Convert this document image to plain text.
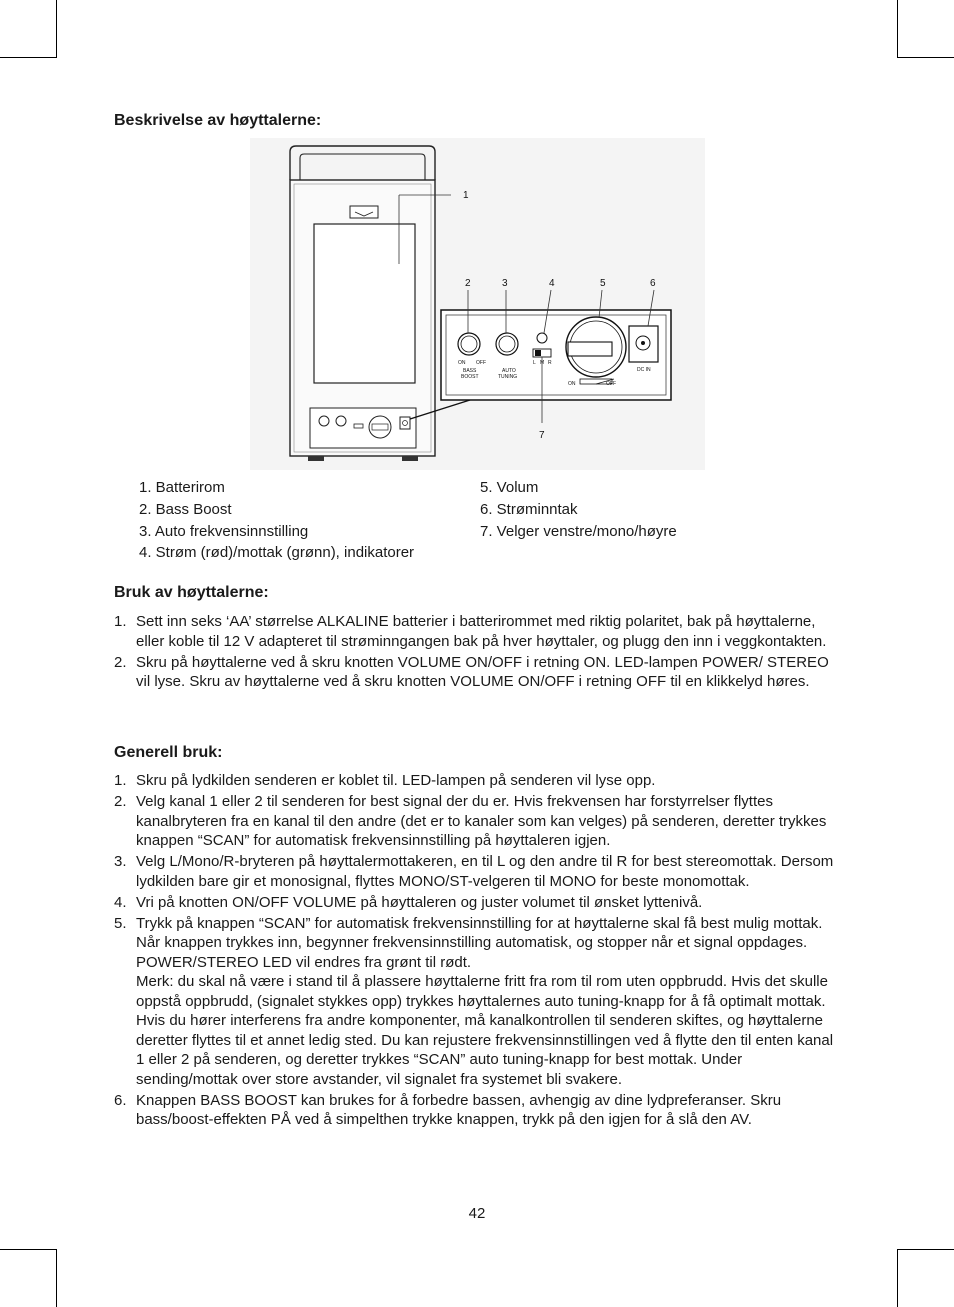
Beskrivelse av høyttalerne:
1
2	3	4	5	6
7
ON OFF
BASS
BOOST
AUTO
TUNING
L M R
DC IN
ON	OFF
1. Batterirom
2. Bass Boost
3. Auto frekvensinnstilling
4. Strøm (rød)/mottak (grønn), indikatorer
5. Volum
6. Strøminntak
7. Velger venstre/mono/høyre
Bruk av høyttalerne:
1. Sett inn seks ‘AA’ størrelse ALKALINE batterier i batterirommet med riktig polaritet, bak på høyttalerne, eller koble til 12 V adapteret til strøminngangen bak på hver høyttaler, og plugg den inn i veggkontakten.
2. Skru på høyttalerne ved å skru knotten VOLUME ON/OFF i retning ON. LED-lampen POWER/ STEREO vil lyse. Skru av høyttalerne ved å skru knotten VOLUME ON/OFF i retning OFF til en klikkelyd høres.
Generell bruk:
1. Skru på lydkilden senderen er koblet til. LED-lampen på senderen vil lyse opp.
2. Velg kanal 1 eller 2 til senderen for best signal der du er. Hvis frekvensen har forstyrrelser flyttes kanalbryteren fra en kanal til den andre (det er to kanaler som kan velges) på senderen, deretter trykkes knappen “SCAN” for automatisk frekvensinnstilling på høyttaleren igjen.
3. Velg L/Mono/R-bryteren på høyttalermottakeren, en til L og den andre til R for best stereomottak. Dersom lydkilden bare gir et monosignal, flyttes MONO/ST-velgeren til MONO for beste monomottak.
4. Vri på knotten ON/OFF VOLUME på høyttaleren og juster volumet til ønsket lyttenivå.
5. Trykk på knappen “SCAN” for automatisk frekvensinnstilling for at høyttalerne skal få best mulig mottak. Når knappen trykkes inn, begynner frekvensinnstilling automatisk, og stopper når et signal oppdages. POWER/STEREO LED vil endres fra grønt til rødt.
Merk: du skal nå være i stand til å plassere høyttalerne fritt fra rom til rom uten oppbrudd. Hvis det skulle oppstå oppbrudd, (signalet stykkes opp) trykkes høyttalernes auto tuning-knapp for å få optimalt mottak. Hvis du hører interferens fra andre komponenter, må kanalkontrollen til senderen skiftes, og høyttalerne deretter flyttes til et annet ledig sted. Du kan rejustere frekvensinnstillingen ved å flytte den til enten kanal
1 eller 2 på senderen, og deretter trykkes “SCAN” auto tuning-knapp for best mottak. Under sending/mottak over store avstander, vil signalet fra systemet bli svakere.
6. Knappen BASS BOOST kan brukes for å forbedre bassen, avhengig av dine lydpreferanser. Skru bass/boost-effekten PÅ ved å simpelthen trykke knappen, trykk på den igjen for å slå den AV.
42
